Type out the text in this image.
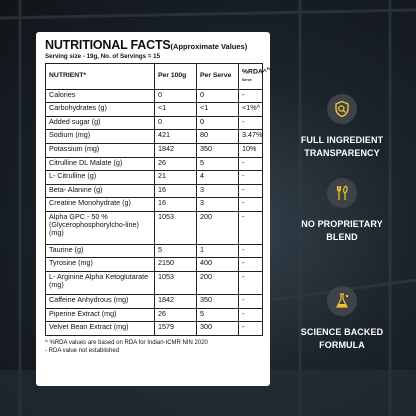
NUTRITIONAL FACTS(Approximate Values)
Serving size - 19g, No. of Servings = 15
NUTRIENT*	Per 100g	Per Serve	%RDA^$^{Per Serve}$
Calories	0	0	-
Carbohydrates (g)	<1	<1	<1%^
Added sugar (g)	0	0	-
Sodium (mg)	421	80	3.47%
Potassium (mg)	1842	350	10%
Citrulline DL Malate (g)	26	5	-
L- Citrulline (g)	21	4	-
Beta- Alanine (g)	16	3	-
Creatine Monohydrate (g)	16	3	-
Alpha GPC - 50 % (Glycerophosphorylcho-line) (mg)	1053	200	-
Taurine (g)	5	1	-
Tyrosine (mg)	2150	400	-
L- Arginine Alpha Ketoglutarate (mg)	1053	200	-
Caffeine Anhydrous (mg)	1842	350	-
Piperine Extract (mg)	26	5	-
Velvet Bean Extract (mg)	1579	300	-
^ %RDA values are based on RDA for Indian-ICMR NIN 2020
- RDA value not established
FULL INGREDIENT
TRANSPARENCY
NO PROPRIETARY
BLEND
SCIENCE BACKED
FORMULA
